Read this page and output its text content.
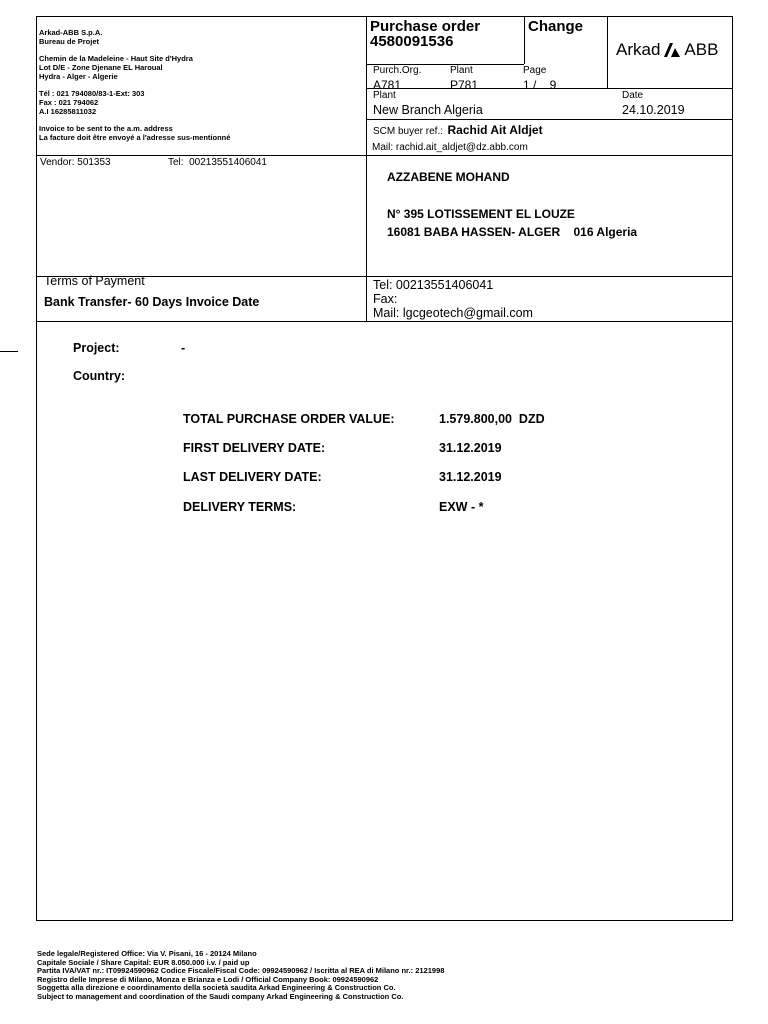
Arkad-ABB S.p.A.
Bureau de Projet
Chemin de la Madeleine - Haut Site d'Hydra
Lot D/E - Zone Djenane EL Haroual
Hydra - Alger - Algerie
Tél : 021 794080/83-1-Ext: 303
Fax : 021 794062
A.I 16285811032
Invoice to be sent to the a.m. address
La facture doit être envoyé a l'adresse sus-mentionné
Purchase order
4580091536
Change
Arkad ABB
Purch.Org.
A781
Plant
P781
Page
1 /    9
Plant
New Branch Algeria
Date
24.10.2019
SCM buyer ref.: Rachid Ait Aldjet
Mail: rachid.ait_aldjet@dz.abb.com
Vendor: 501353	Tel:  00213551406041
AZZABENE MOHAND
N° 395 LOTISSEMENT EL LOUZE
16081 BABA HASSEN- ALGER    016 Algeria
Terms of Payment
Bank Transfer- 60 Days Invoice Date
Tel: 00213551406041
Fax:
Mail: lgcgeotech@gmail.com
Project:	-
Country:
TOTAL PURCHASE ORDER VALUE:	1.579.800,00  DZD
FIRST DELIVERY DATE:	31.12.2019
LAST DELIVERY DATE:	31.12.2019
DELIVERY TERMS:	EXW - *
Sede legale/Registered Office: Via V. Pisani, 16 - 20124 Milano
Capitale Sociale / Share Capital: EUR 8.050.000 i.v. / paid up
Partita IVA/VAT nr.: IT09924590962 Codice Fiscale/Fiscal Code: 09924590962 / Iscritta al REA di Milano nr.: 2121998
Registro delle Imprese di Milano, Monza e Brianza e Lodi / Official Company Book: 09924590962
Soggetta alla direzione e coordinamento della società saudita Arkad Engineering & Construction Co.
Subject to management and coordination of the Saudi company Arkad Engineering & Construction Co.
